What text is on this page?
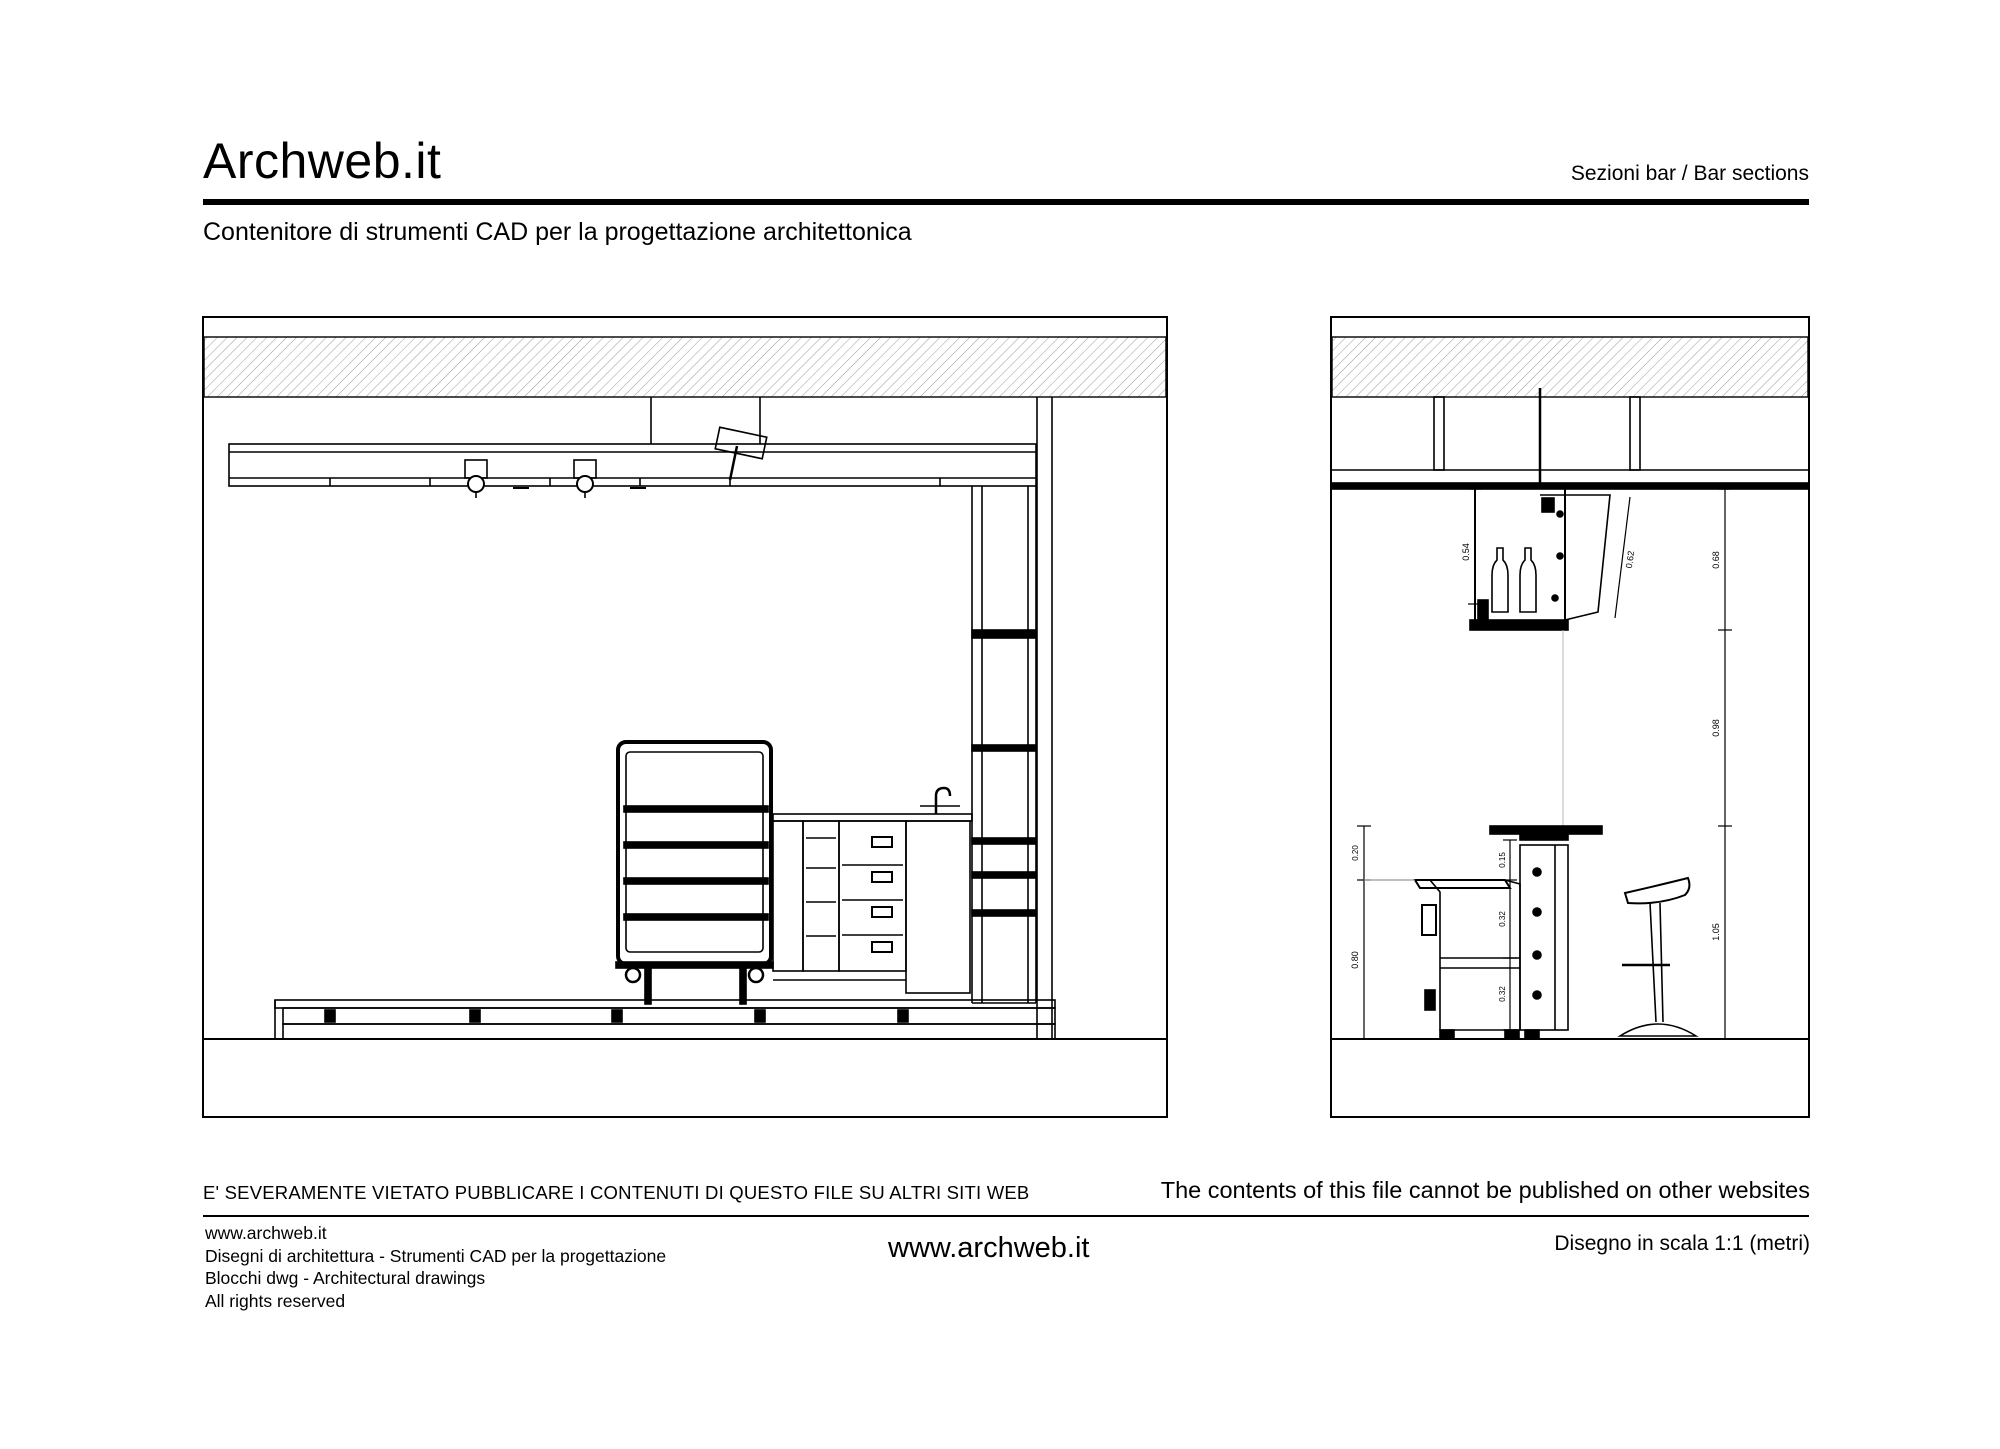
Archweb.it	Sezioni bar / Bar sections
Contenitore di strumenti CAD per la progettazione architettonica
0.54	0.62	0.68
0.98
1.05
0.80
0.20	0.15
0.32
0.32
E' SEVERAMENTE VIETATO PUBBLICARE I CONTENUTI DI QUESTO FILE SU ALTRI SITI WEB	The contents of this file cannot be published on other websites
www.archweb.it
Disegni di architettura - Strumenti CAD per la progettazione
Blocchi dwg - Architectural drawings
All rights reserved
www.archweb.it	Disegno in scala 1:1 (metri)
